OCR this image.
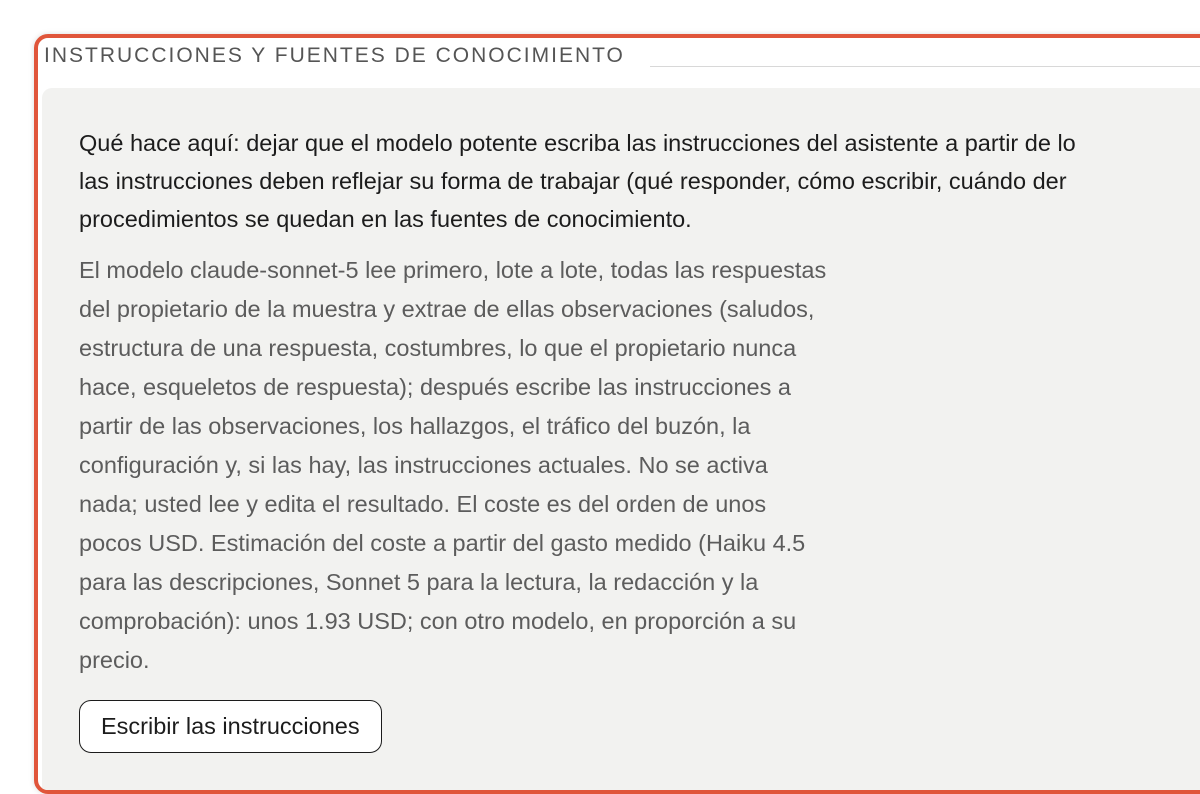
INSTRUCCIONES Y FUENTES DE CONOCIMIENTO

Qué hace aquí: dejar que el modelo potente escriba las instrucciones del asistente a partir de lo
las instrucciones deben reflejar su forma de trabajar (qué responder, cómo escribir, cuándo der
procedimientos se quedan en las fuentes de conocimiento.

El modelo claude-sonnet-5 lee primero, lote a lote, todas las respuestas
del propietario de la muestra y extrae de ellas observaciones (saludos,
estructura de una respuesta, costumbres, lo que el propietario nunca
hace, esqueletos de respuesta); después escribe las instrucciones a
partir de las observaciones, los hallazgos, el tráfico del buzón, la
configuración y, si las hay, las instrucciones actuales. No se activa
nada; usted lee y edita el resultado. El coste es del orden de unos
pocos USD. Estimación del coste a partir del gasto medido (Haiku 4.5
para las descripciones, Sonnet 5 para la lectura, la redacción y la
comprobación): unos 1.93 USD; con otro modelo, en proporción a su
precio.

Escribir las instrucciones
